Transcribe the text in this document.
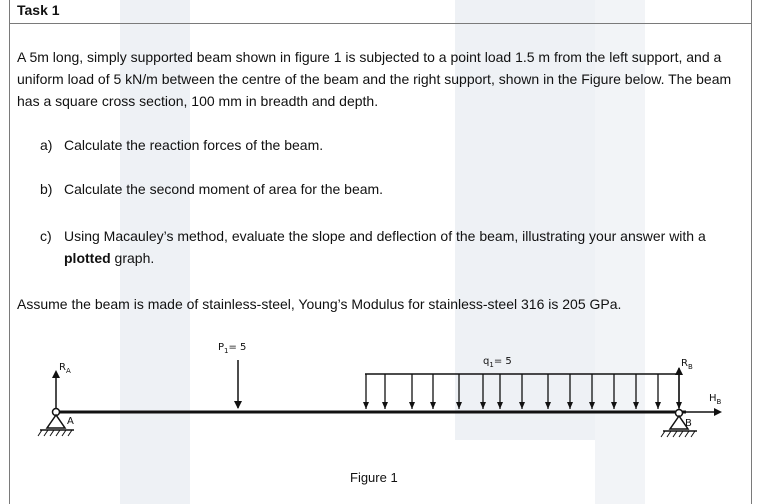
Task 1

A 5m long, simply supported beam shown in figure 1 is subjected to a point load 1.5 m from the left support, and a uniform load of 5 kN/m between the centre of the beam and the right support, shown in the Figure below. The beam has a square cross section, 100 mm in breadth and depth.

a) Calculate the reaction forces of the beam.
b) Calculate the second moment of area for the beam.
c) Using Macauley’s method, evaluate the slope and deflection of the beam, illustrating your answer with a plotted graph.
Assume the beam is made of stainless-steel, Young’s Modulus for stainless-steel 316 is 205 GPa.
$R_A$
A
$P_1= 5$
$q_1= 5$	$R_B$
$H_B$
B
Figure 1
